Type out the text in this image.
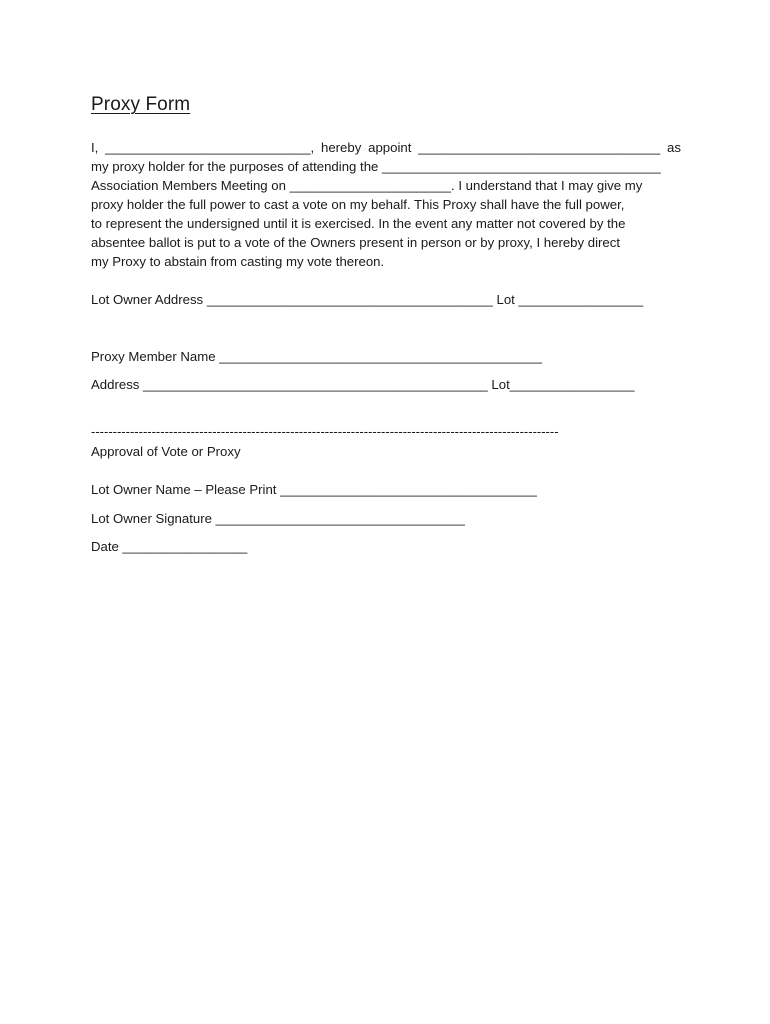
Proxy Form
I, ____________________________, hereby appoint _________________________________ as
my proxy holder for the purposes of attending the ______________________________________
Association Members Meeting on ______________________. I understand that I may give my
proxy holder the full power to cast a vote on my behalf. This Proxy shall have the full power,
to represent the undersigned until it is exercised. In the event any matter not covered by the
absentee ballot is put to a vote of the Owners present in person or by proxy, I hereby direct
my Proxy to abstain from casting my vote thereon.
Lot Owner Address _______________________________________ Lot _________________
Proxy Member Name ____________________________________________
Address _______________________________________________ Lot_________________
------------------------------------------------------------------------------------------------------------
Approval of Vote or Proxy
Lot Owner Name – Please Print ___________________________________
Lot Owner Signature __________________________________
Date _________________
